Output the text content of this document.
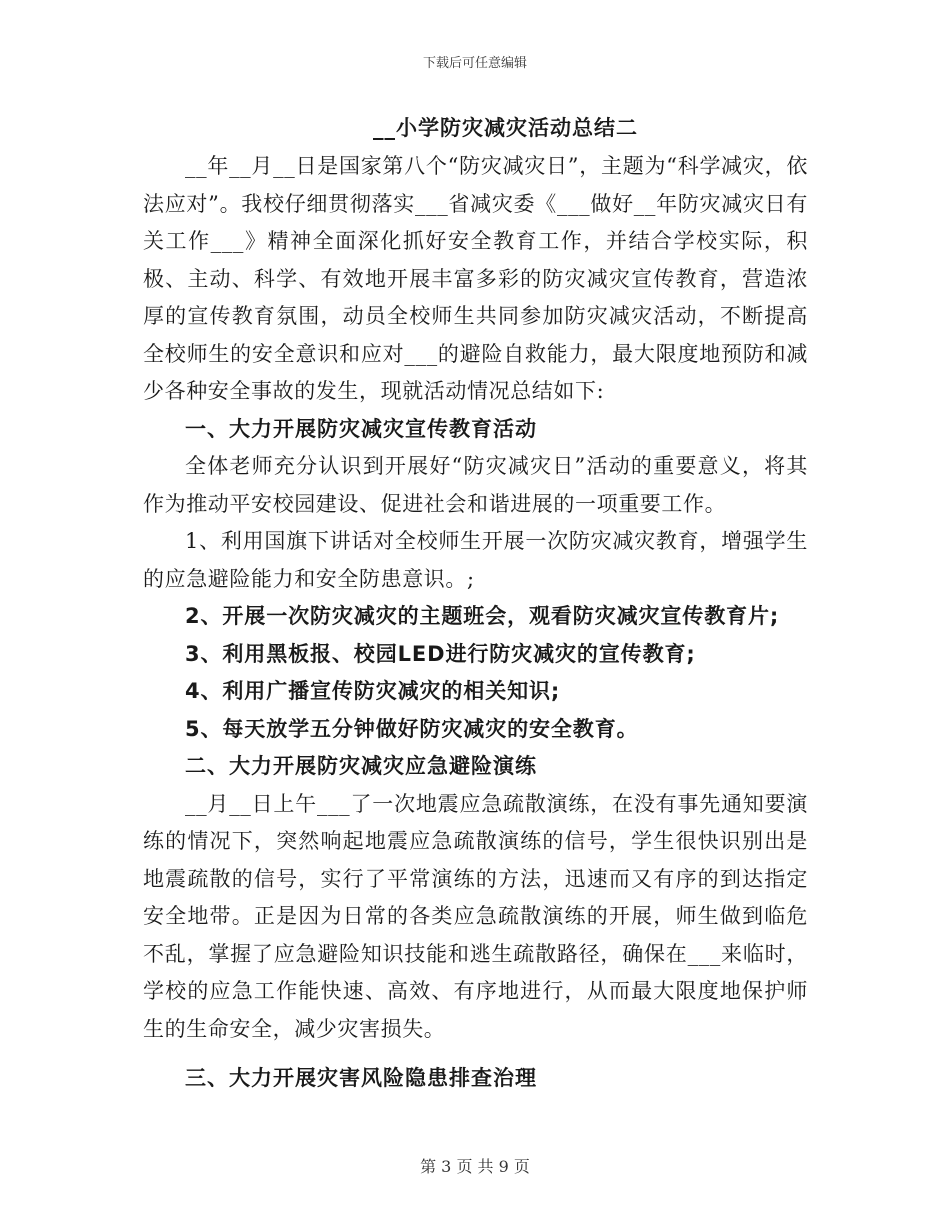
下载后可任意编辑
__小学防灾减灾活动总结二

__年__月__日是国家第八个“防灾减灾日”，主题为“科学减灾，依法应对”。我校仔细贯彻落实___省减灾委《___做好__年防灾减灾日有关工作___》精神全面深化抓好安全教育工作，并结合学校实际，积极、主动、科学、有效地开展丰富多彩的防灾减灾宣传教育，营造浓厚的宣传教育氛围，动员全校师生共同参加防灾减灾活动，不断提高全校师生的安全意识和应对___的避险自救能力，最大限度地预防和减少各种安全事故的发生，现就活动情况总结如下:

一、大力开展防灾减灾宣传教育活动

全体老师充分认识到开展好“防灾减灾日”活动的重要意义，将其作为推动平安校园建设、促进社会和谐进展的一项重要工作。

1、利用国旗下讲话对全校师生开展一次防灾减灾教育，增强学生的应急避险能力和安全防患意识。;

2、开展一次防灾减灾的主题班会，观看防灾减灾宣传教育片;

3、利用黑板报、校园LED进行防灾减灾的宣传教育;

4、利用广播宣传防灾减灾的相关知识;

5、每天放学五分钟做好防灾减灾的安全教育。

二、大力开展防灾减灾应急避险演练

__月__日上午___了一次地震应急疏散演练，在没有事先通知要演练的情况下，突然响起地震应急疏散演练的信号，学生很快识别出是地震疏散的信号，实行了平常演练的方法，迅速而又有序的到达指定安全地带。正是因为日常的各类应急疏散演练的开展，师生做到临危不乱，掌握了应急避险知识技能和逃生疏散路径，确保在___来临时，学校的应急工作能快速、高效、有序地进行，从而最大限度地保护师生的生命安全，减少灾害损失。

三、大力开展灾害风险隐患排查治理

第 3 页 共 9 页
